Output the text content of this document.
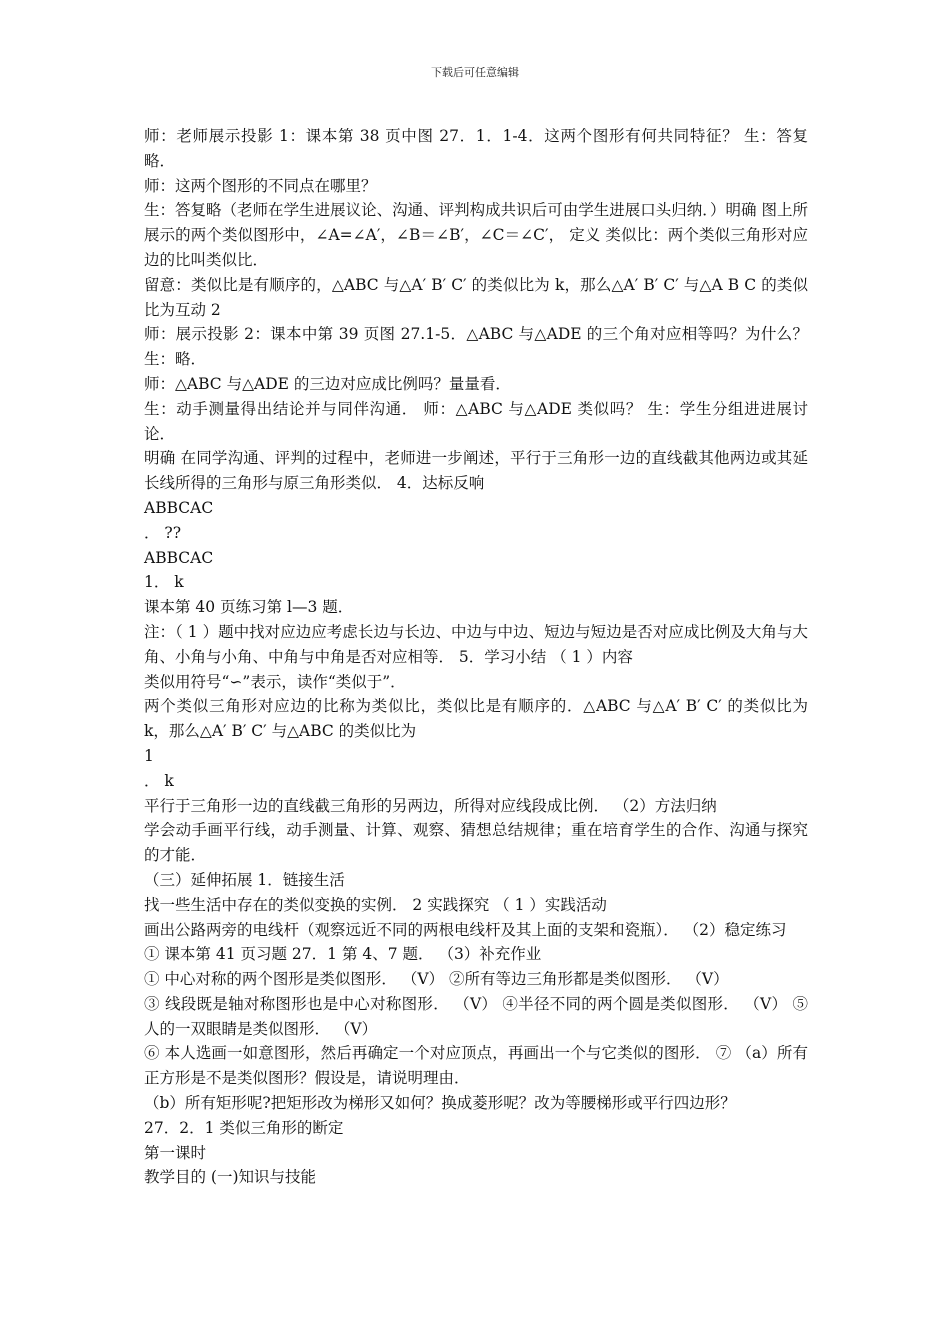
下载后可任意编辑

师：老师展示投影 1：课本第 38 页中图 27．1．1-4．这两个图形有何共同特征？ 生：答复略．

师：这两个图形的不同点在哪里？

生：答复略（老师在学生进展议论、沟通、评判构成共识后可由学生进展口头归纳．）明确 图上所展示的两个类似图形中，∠A=∠A′，∠B＝∠B′，∠C＝∠C′， 定义 类似比：两个类似三角形对应边的比叫类似比．

留意：类似比是有顺序的，△ABC 与△A′ B′ C′ 的类似比为 k，那么△A′ B′ C′ 与△A B C 的类似比为互动 2

师：展示投影 2：课本中第 39 页图 27.1-5．△ABC 与△ADE 的三个角对应相等吗？为什么？ 生：略．

师：△ABC 与△ADE 的三边对应成比例吗？量量看．

生：动手测量得出结论并与同伴沟通． 师：△ABC 与△ADE 类似吗？ 生：学生分组进进展讨论．

明确 在同学沟通、评判的过程中，老师进一步阐述，平行于三角形一边的直线截其他两边或其延长线所得的三角形与原三角形类似． 4．达标反响

ABBCAC

． ??

ABBCAC

1． k

课本第 40 页练习第 l—3 题．

注：（ 1 ）题中找对应边应考虑长边与长边、中边与中边、短边与短边是否对应成比例及大角与大角、小角与小角、中角与中角是否对应相等． 5．学习小结 （ 1 ）内容

类似用符号“∽”表示，读作“类似于”．

两个类似三角形对应边的比称为类似比，类似比是有顺序的．△ABC 与△A′ B′ C′ 的类似比为 k，那么△A′ B′ C′ 与△ABC 的类似比为

1

． k

平行于三角形一边的直线截三角形的另两边，所得对应线段成比例． （2）方法归纳

学会动手画平行线，动手测量、计算、观察、猜想总结规律；重在培育学生的合作、沟通与探究的才能．

（三）延伸拓展 1．链接生活

找一些生活中存在的类似变换的实例． 2 实践探究 （ 1 ）实践活动

画出公路两旁的电线杆（观察远近不同的两根电线杆及其上面的支架和瓷瓶）． （2）稳定练习

① 课本第 41 页习题 27．1 第 4、7 题． （3）补充作业

① 中心对称的两个图形是类似图形． （V） ②所有等边三角形都是类似图形． （V）

③ 线段既是轴对称图形也是中心对称图形． （V） ④半径不同的两个圆是类似图形． （V） ⑤人的一双眼睛是类似图形． （V）

⑥ 本人选画一如意图形，然后再确定一个对应顶点，再画出一个与它类似的图形． ⑦ （a）所有正方形是不是类似图形？假设是，请说明理由．

（b）所有矩形呢?把矩形改为梯形又如何？换成菱形呢？改为等腰梯形或平行四边形？

27．2．1 类似三角形的断定

第一课时

教学目的 (一)知识与技能
